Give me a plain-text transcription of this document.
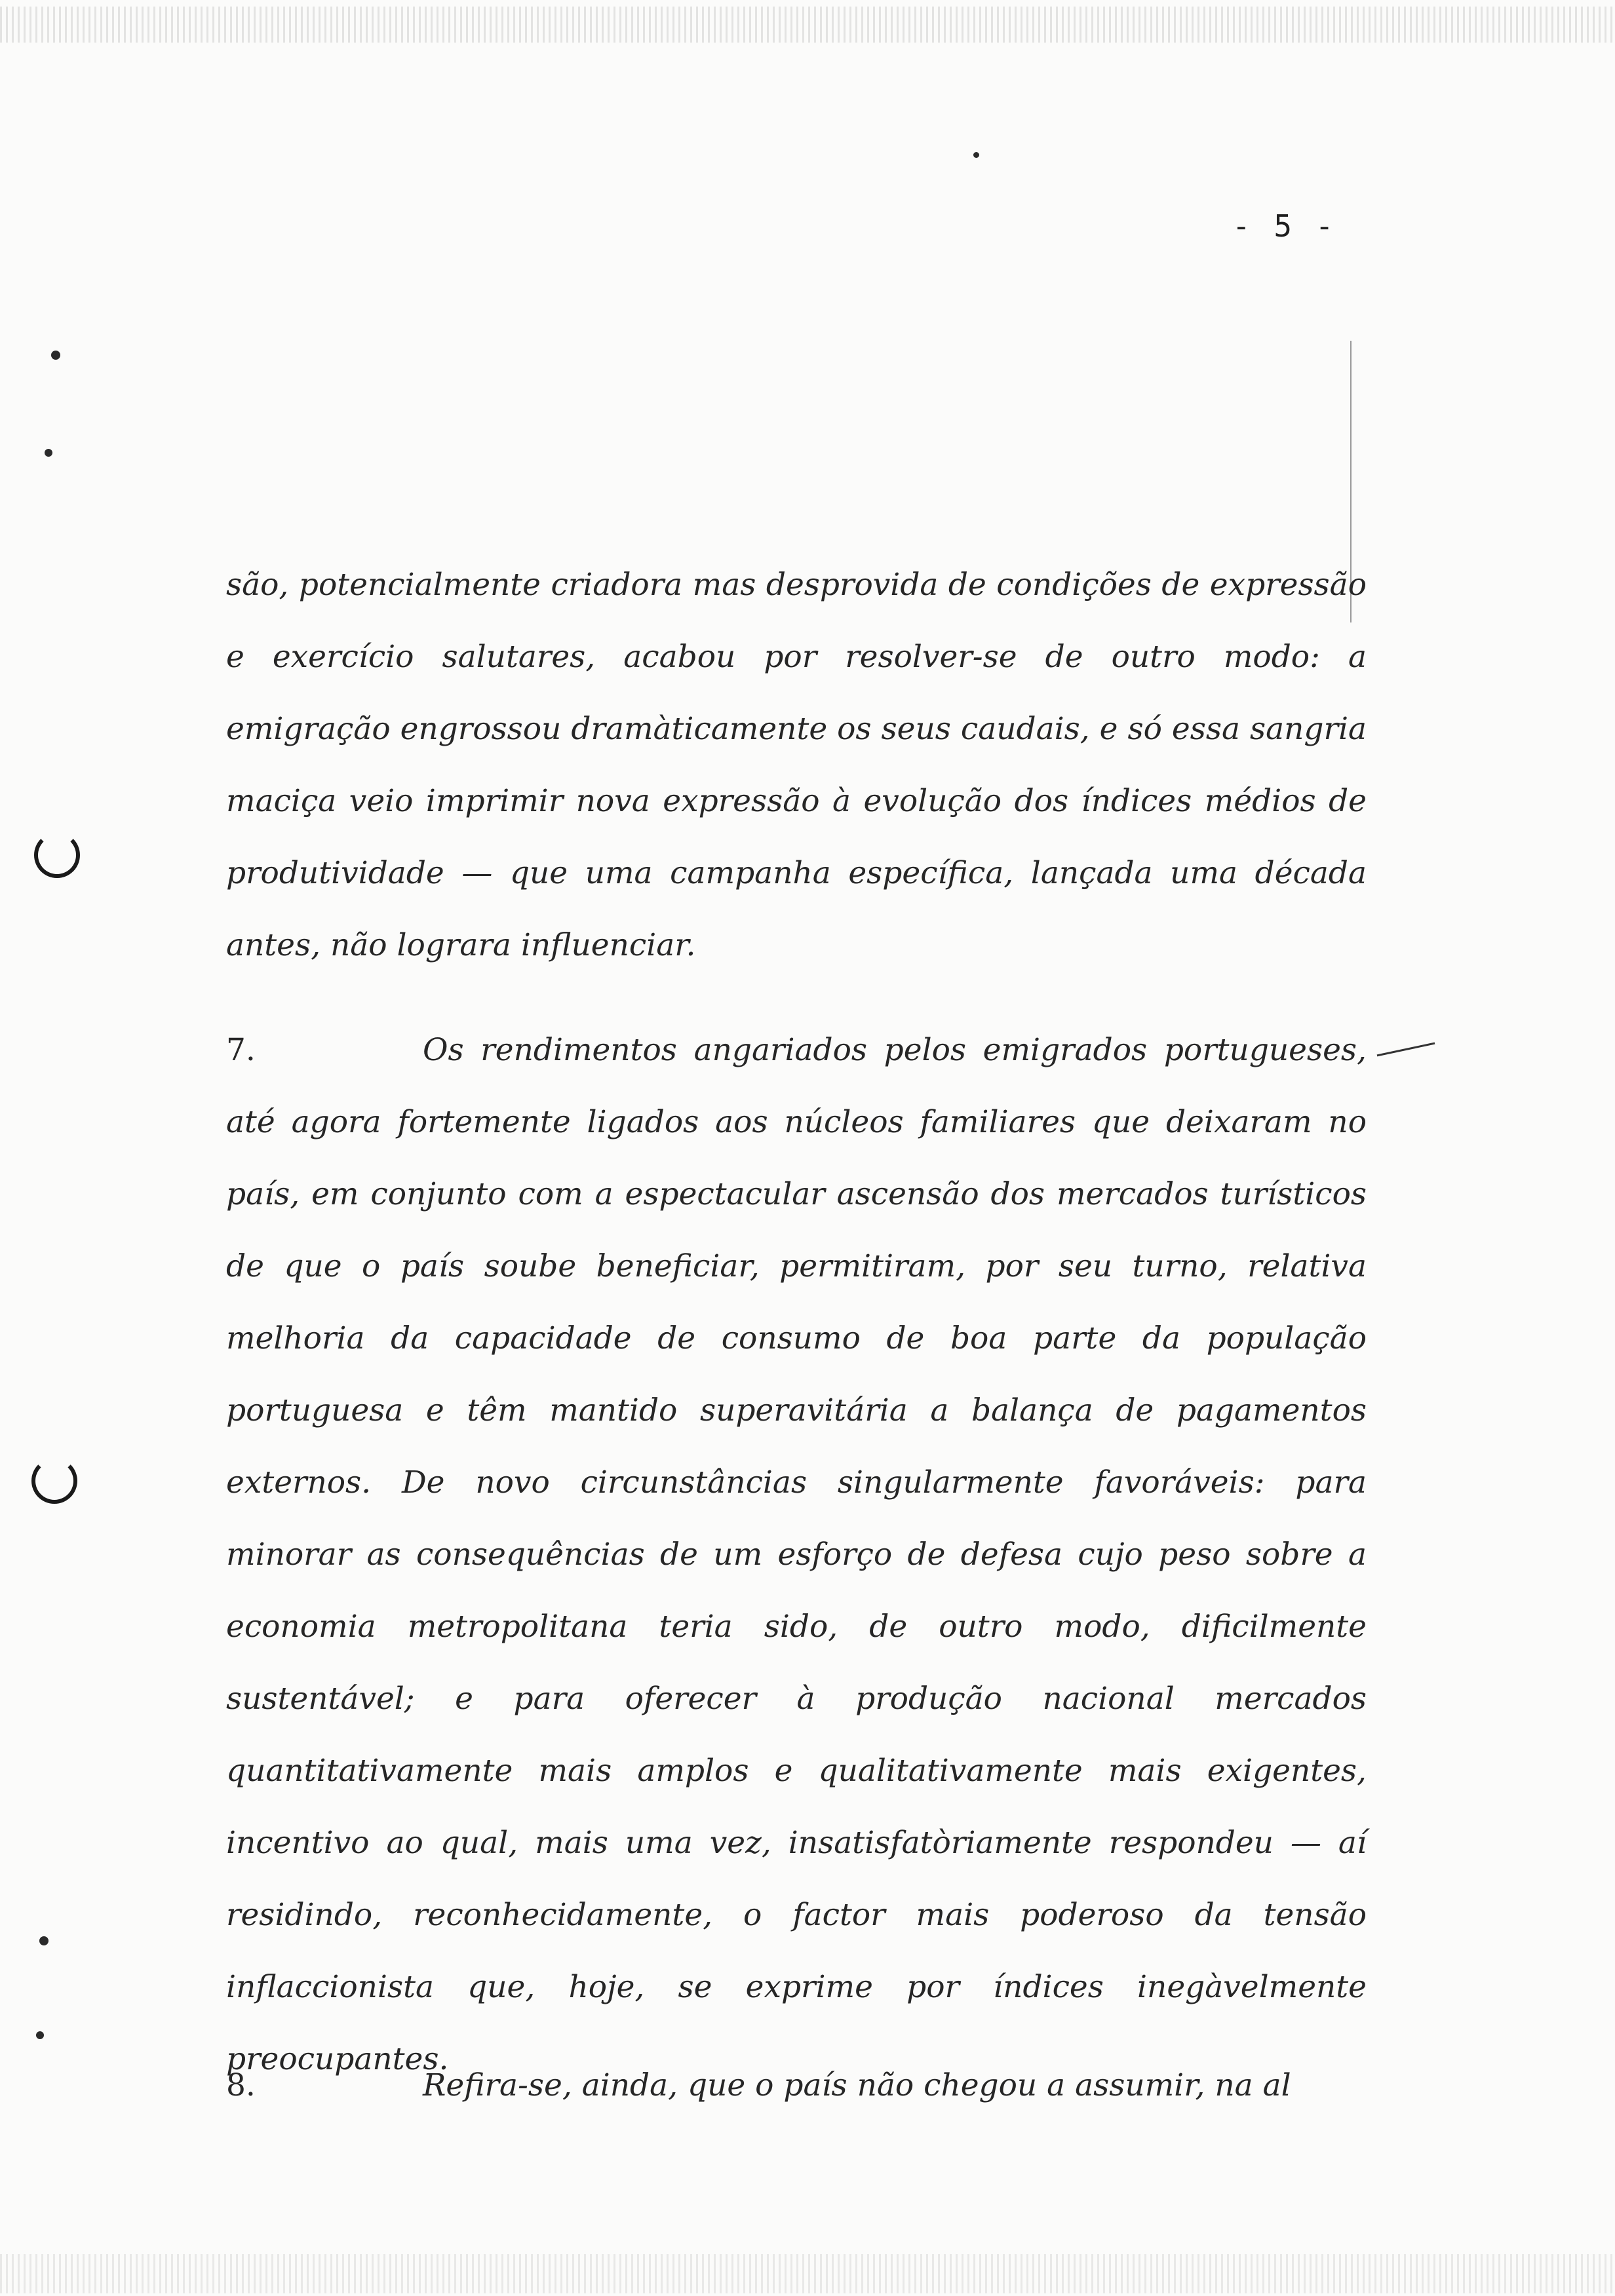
- 5 -
são, potencialmente criadora mas desprovida de condições de expressão e exercício salutares, acabou por resolver-se de outro modo: a emigração engrossou dramàticamente os seus caudais, e só essa sangria maciça veio imprimir nova expressão à evolução dos índices médios de produtividade — que uma campanha específica, lançada uma década antes, não lograra influenciar.
7.	Os rendimentos angariados pelos emigrados portugueses, até agora fortemente ligados aos núcleos familiares que deixaram no país, em conjunto com a espectacular ascensão dos mercados turísticos de que o país soube beneficiar, permitiram, por seu turno, relativa melhoria da capacidade de consumo de boa parte da população portuguesa e têm mantido superavitária a balança de pagamentos externos. De novo circunstâncias singularmente favoráveis: para minorar as consequências de um esforço de defesa cujo peso sobre a economia metropolitana teria sido, de outro modo, dificilmente sustentável; e para oferecer à produção nacional mercados quantitativamente mais amplos e qualitativamente mais exigentes, incentivo ao qual, mais uma vez, insatisfatòriamente respondeu — aí residindo, reconhecidamente, o factor mais poderoso da tensão inflaccionista que, hoje, se exprime por índices inegàvelmente preocupantes.
8.	Refira-se, ainda, que o país não chegou a assumir, na al
